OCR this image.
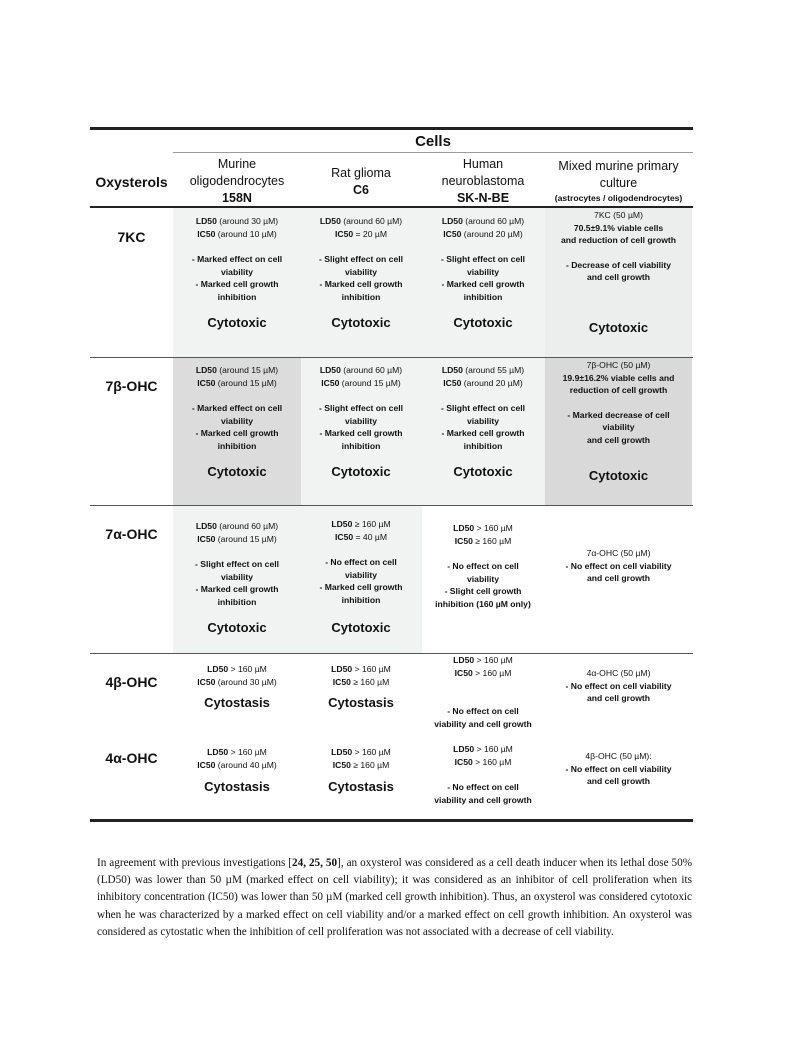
Cells
Oxysterols
Murine
oligodendrocytes
158N
Rat glioma
C6
Human
neuroblastoma
SK-N-BE
Mixed murine primary
culture
(astrocytes / oligodendrocytes)
7KC
LD50 (around 30 µM)
IC50 (around 10 µM)
- Marked effect on cell
viability
- Marked cell growth
inhibition
Cytotoxic
LD50 (around 60 µM)
IC50 = 20 µM
- Slight effect on cell
viability
- Marked cell growth
inhibition
Cytotoxic
LD50 (around 60 µM)
IC50 (around 20 µM)
- Slight effect on cell
viability
- Marked cell growth
inhibition
Cytotoxic
7KC (50 µM)
70.5±9.1% viable cells
and reduction of cell growth
- Decrease of cell viability
and cell growth
Cytotoxic
7β-OHC
LD50 (around 15 µM)
IC50 (around 15 µM)
- Marked effect on cell
viability
- Marked cell growth
inhibition
Cytotoxic
LD50 (around 60 µM)
IC50 (around 15 µM)
- Slight effect on cell
viability
- Marked cell growth
inhibition
Cytotoxic
LD50 (around 55 µM)
IC50 (around 20 µM)
- Slight effect on cell
viability
- Marked cell growth
inhibition
Cytotoxic
7β-OHC (50 µM)
19.9±16.2% viable cells and
reduction of cell growth
- Marked decrease of cell
viability
and cell growth
Cytotoxic
7α-OHC	LD50 (around 60 µM)
IC50 (around 15 µM)
- Slight effect on cell
viability
- Marked cell growth
inhibition
Cytotoxic
LD50 ≥ 160 µM
IC50 = 40 µM
- No effect on cell
viability
- Marked cell growth
inhibition
Cytotoxic
LD50 > 160 µM
IC50 ≥ 160 µM
- No effect on cell
viability
- Slight cell growth
inhibition (160 µM only)
7α-OHC (50 µM)
- No effect on cell viability
and cell growth
4β-OHC
LD50 > 160 µM
IC50 (around 30 µM)
Cytostasis
LD50 > 160 µM
IC50 ≥ 160 µM
Cytostasis
LD50 > 160 µM
IC50 > 160 µM
- No effect on cell
viability and cell growth
4α-OHC (50 µM)
- No effect on cell viability
and cell growth
4α-OHC	LD50 > 160 µM
IC50 (around 40 µM)
Cytostasis
LD50 > 160 µM
IC50 ≥ 160 µM
Cytostasis
LD50 > 160 µM
IC50 > 160 µM
- No effect on cell
viability and cell growth
4β-OHC (50 µM):
- No effect on cell viability
and cell growth
In agreement with previous investigations [24, 25, 50], an oxysterol was considered as a cell death inducer when its lethal dose 50% (LD50) was lower than 50 µM (marked effect on cell viability); it was considered as an inhibitor of cell proliferation when its inhibitory concentration (IC50) was lower than 50 µM (marked cell growth inhibition). Thus, an oxysterol was considered cytotoxic when he was characterized by a marked effect on cell viability and/or a marked effect on cell growth inhibition. An oxysterol was considered as cytostatic when the inhibition of cell proliferation was not associated with a decrease of cell viability.
